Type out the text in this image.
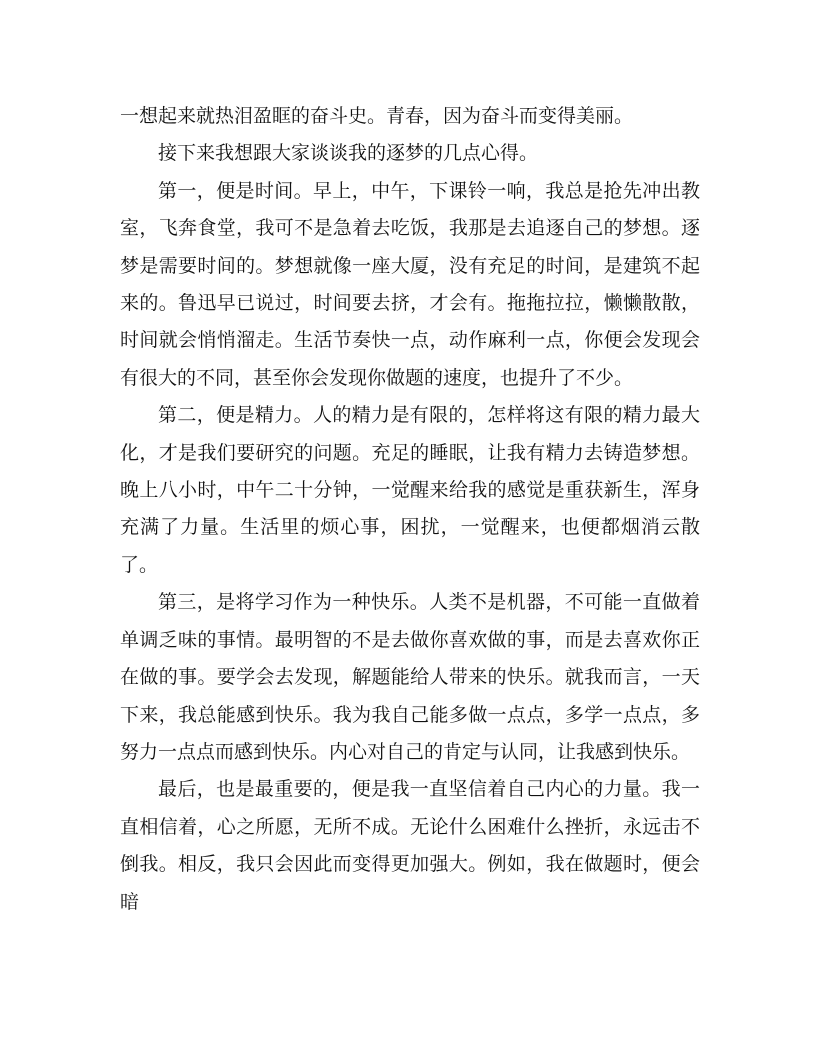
一想起来就热泪盈眶的奋斗史。青春，因为奋斗而变得美丽。

接下来我想跟大家谈谈我的逐梦的几点心得。

第一，便是时间。早上，中午，下课铃一响，我总是抢先冲出教室，飞奔食堂，我可不是急着去吃饭，我那是去追逐自己的梦想。逐梦是需要时间的。梦想就像一座大厦，没有充足的时间，是建筑不起来的。鲁迅早已说过，时间要去挤，才会有。拖拖拉拉，懒懒散散，时间就会悄悄溜走。生活节奏快一点，动作麻利一点，你便会发现会有很大的不同，甚至你会发现你做题的速度，也提升了不少。

第二，便是精力。人的精力是有限的，怎样将这有限的精力最大化，才是我们要研究的问题。充足的睡眠，让我有精力去铸造梦想。晚上八小时，中午二十分钟，一觉醒来给我的感觉是重获新生，浑身充满了力量。生活里的烦心事，困扰，一觉醒来，也便都烟消云散了。

第三，是将学习作为一种快乐。人类不是机器，不可能一直做着单调乏味的事情。最明智的不是去做你喜欢做的事，而是去喜欢你正在做的事。要学会去发现，解题能给人带来的快乐。就我而言，一天下来，我总能感到快乐。我为我自己能多做一点点，多学一点点，多努力一点点而感到快乐。内心对自己的肯定与认同，让我感到快乐。

最后，也是最重要的，便是我一直坚信着自己内心的力量。我一直相信着，心之所愿，无所不成。无论什么困难什么挫折，永远击不倒我。相反，我只会因此而变得更加强大。例如，我在做题时，便会暗
